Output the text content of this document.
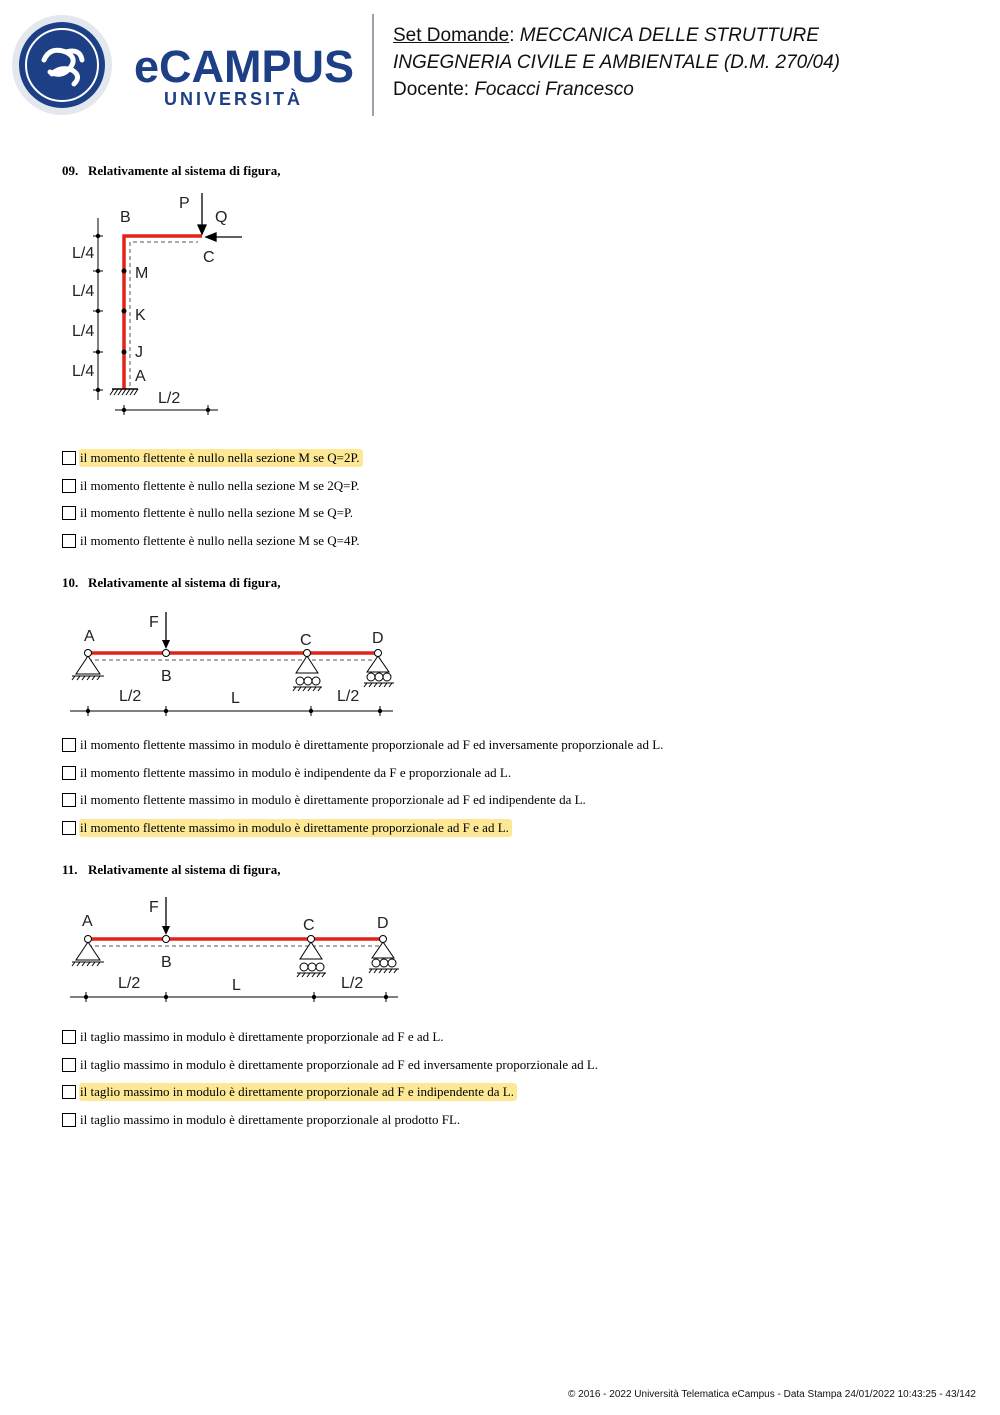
eCAMPUS
UNIVERSITÀ
Set Domande: MECCANICA DELLE STRUTTURE
INGEGNERIA CIVILE E AMBIENTALE (D.M. 270/04)
Docente: Focacci Francesco
09. Relativamente al sistema di figura,
L/4
L/4
L/4
L/4
L/2
B
P
Q
C
M
K
J
A
il momento flettente è nullo nella sezione M se Q=2P.
il momento flettente è nullo nella sezione M se 2Q=P.
il momento flettente è nullo nella sezione M se Q=P.
il momento flettente è nullo nella sezione M se Q=4P.
10. Relativamente al sistema di figura,
L/2	L	L/2
A
F
B
C	D
il momento flettente massimo in modulo è direttamente proporzionale ad F ed inversamente proporzionale ad L.
il momento flettente massimo in modulo è indipendente da F e proporzionale ad L.
il momento flettente massimo in modulo è direttamente proporzionale ad F ed indipendente da L.
il momento flettente massimo in modulo è direttamente proporzionale ad F e ad L.
11. Relativamente al sistema di figura,
L/2	L	L/2
A
F
B
C	D
il taglio massimo in modulo è direttamente proporzionale ad F e ad L.
il taglio massimo in modulo è direttamente proporzionale ad F ed inversamente proporzionale ad L.
il taglio massimo in modulo è direttamente proporzionale ad F e indipendente da L.
il taglio massimo in modulo è direttamente proporzionale al prodotto FL.
© 2016 - 2022 Università Telematica eCampus - Data Stampa 24/01/2022 10:43:25 - 43/142
